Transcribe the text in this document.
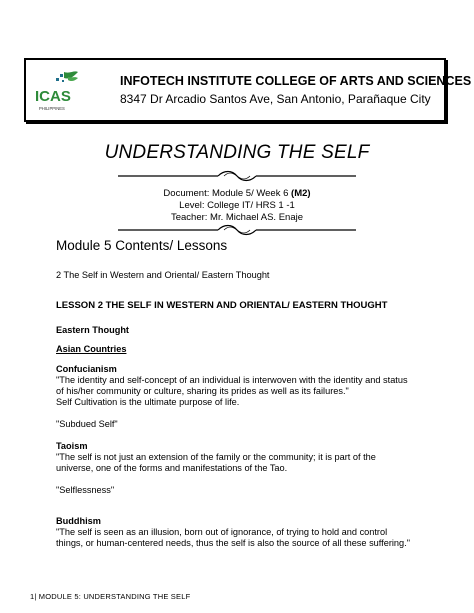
ICAS
PHILIPPINES
INFOTECH INSTITUTE COLLEGE OF ARTS AND SCIENCES
8347 Dr Arcadio Santos Ave, San Antonio, Parañaque City
UNDERSTANDING THE SELF
Document: Module 5/ Week 6 (M2)
Level: College IT/ HRS 1 -1
Teacher: Mr. Michael AS. Enaje
Module 5 Contents/ Lessons
2 The Self in Western and Oriental/ Eastern Thought
LESSON 2 THE SELF IN WESTERN AND ORIENTAL/ EASTERN THOUGHT
Eastern Thought
Asian Countries
Confucianism
"The identity and self-concept of an individual is interwoven with the identity and status
of his/her community or culture, sharing its prides as well as its failures."
Self Cultivation is the ultimate purpose of life.
"Subdued Self"
Taoism
"The self is not just an extension of the family or the community; it is part of the
universe, one of the forms and manifestations of the Tao.
"Selflessness"
Buddhism
"The self is seen as an illusion, born out of ignorance, of trying to hold and control
things, or human-centered needs, thus the self is also the source of all these suffering."
1| MODULE 5: UNDERSTANDING THE SELF
